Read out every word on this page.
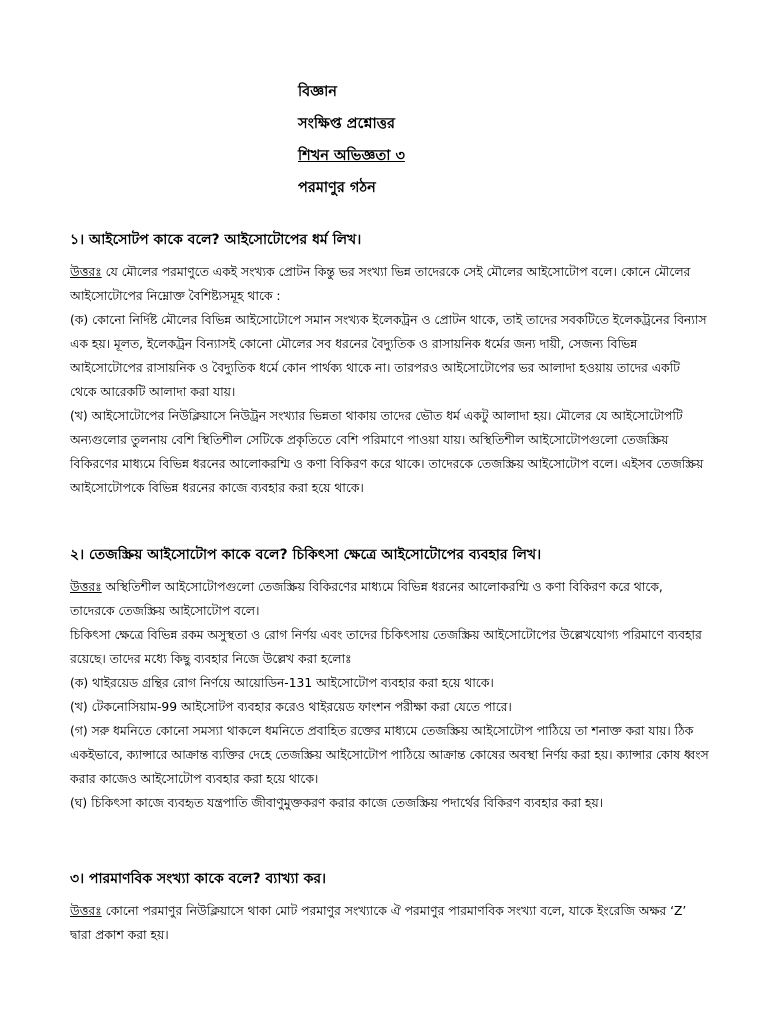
বিজ্ঞান
সংক্ষিপ্ত প্রশ্নোত্তর
শিখন অভিজ্ঞতা ৩
পরমাণুর গঠন
১। আইসোটপ কাকে বলে? আইসোটোপের ধর্ম লিখ।

উত্তরঃ যে মৌলের পরমাণুতে একই সংখ্যক প্রোটন কিন্তু ভর সংখ্যা ভিন্ন তাদেরকে সেই মৌলের আইসোটোপ বলে। কোনে মৌলের আইসোটোপের নিম্নোক্ত বৈশিষ্ট্যসমূহ থাকে :

(ক) কোনো নির্দিষ্ট মৌলের বিভিন্ন আইসোটোপে সমান সংখ্যক ইলেকট্রন ও প্রোটন থাকে, তাই তাদের সবকটিতে ইলেকট্রনের বিন্যাস এক হয়। মূলত, ইলেকট্রন বিন্যাসই কোনো মৌলের সব ধরনের বৈদ্যুতিক ও রাসায়নিক ধর্মের জন্য দায়ী, সেজন্য বিভিন্ন আইসোটোপের রাসায়নিক ও বৈদ্যুতিক ধর্মে কোন পার্থক্য থাকে না। তারপরও আইসোটোপের ভর আলাদা হওয়ায় তাদের একটি থেকে আরেকটি আলাদা করা যায়।

(খ) আইসোটোপের নিউক্লিয়াসে নিউট্রন সংখ্যার ভিন্নতা থাকায় তাদের ভৌত ধর্ম একটু আলাদা হয়। মৌলের যে আইসোটোপটি অন্যগুলোর তুলনায় বেশি স্থিতিশীল সেটিকে প্রকৃতিতে বেশি পরিমাণে পাওয়া যায়। অস্থিতিশীল আইসোটোপগুলো তেজস্ক্রিয় বিকিরণের মাধ্যমে বিভিন্ন ধরনের আলোকরশ্মি ও কণা বিকিরণ করে থাকে। তাদেরকে তেজস্ক্রিয় আইসোটোপ বলে। এইসব তেজস্ক্রিয় আইসোটোপকে বিভিন্ন ধরনের কাজে ব্যবহার করা হয়ে থাকে।

২। তেজস্ক্রিয় আইসোটোপ কাকে বলে? চিকিৎসা ক্ষেত্রে আইসোটোপের ব্যবহার লিখ।

উত্তরঃ অস্থিতিশীল আইসোটোপগুলো তেজস্ক্রিয় বিকিরণের মাধ্যমে বিভিন্ন ধরনের আলোকরশ্মি ও কণা বিকিরণ করে থাকে, তাদেরকে তেজস্ক্রিয় আইসোটোপ বলে।

চিকিৎসা ক্ষেত্রে বিভিন্ন রকম অসুস্থতা ও রোগ নির্ণয় এবং তাদের চিকিৎসায় তেজস্ক্রিয় আইসোটোপের উল্লেখযোগ্য পরিমাণে ব্যবহার রয়েছে। তাদের মধ্যে কিছু ব্যবহার নিজে উল্লেখ করা হলোঃ

(ক) থাইরয়েড গ্রন্থির রোগ নির্ণয়ে আয়োডিন-131 আইসোটোপ ব্যবহার করা হয়ে থাকে।

(খ) টেকনোসিয়াম-99 আইসোটপ ব্যবহার করেও থাইরয়েড ফাংশন পরীক্ষা করা যেতে পারে।

(গ) সরু ধমনিতে কোনো সমস্যা থাকলে ধমনিতে প্রবাহিত রক্তের মাধ্যমে তেজস্ক্রিয় আইসোটোপ পাঠিয়ে তা শনাক্ত করা যায়। ঠিক একইভাবে, ক্যান্সারে আক্রান্ত ব্যক্তির দেহে তেজস্ক্রিয় আইসোটোপ পাঠিয়ে আক্রান্ত কোষের অবস্থা নির্ণয় করা হয়। ক্যান্সার কোষ ধ্বংস করার কাজেও আইসোটোপ ব্যবহার করা হয়ে থাকে।

(ঘ) চিকিৎসা কাজে ব্যবহৃত যন্ত্রপাতি জীবাণুমুক্তকরণ করার কাজে তেজস্ক্রিয় পদার্থের বিকিরণ ব্যবহার করা হয়।

৩। পারমাণবিক সংখ্যা কাকে বলে? ব্যাখ্যা কর।

উত্তরঃ কোনো পরমাণুর নিউক্লিয়াসে থাকা মোট পরমাণুর সংখ্যাকে ঐ পরমাণুর পারমাণবিক সংখ্যা বলে, যাকে ইংরেজি অক্ষর ‘Z’ দ্বারা প্রকাশ করা হয়।
